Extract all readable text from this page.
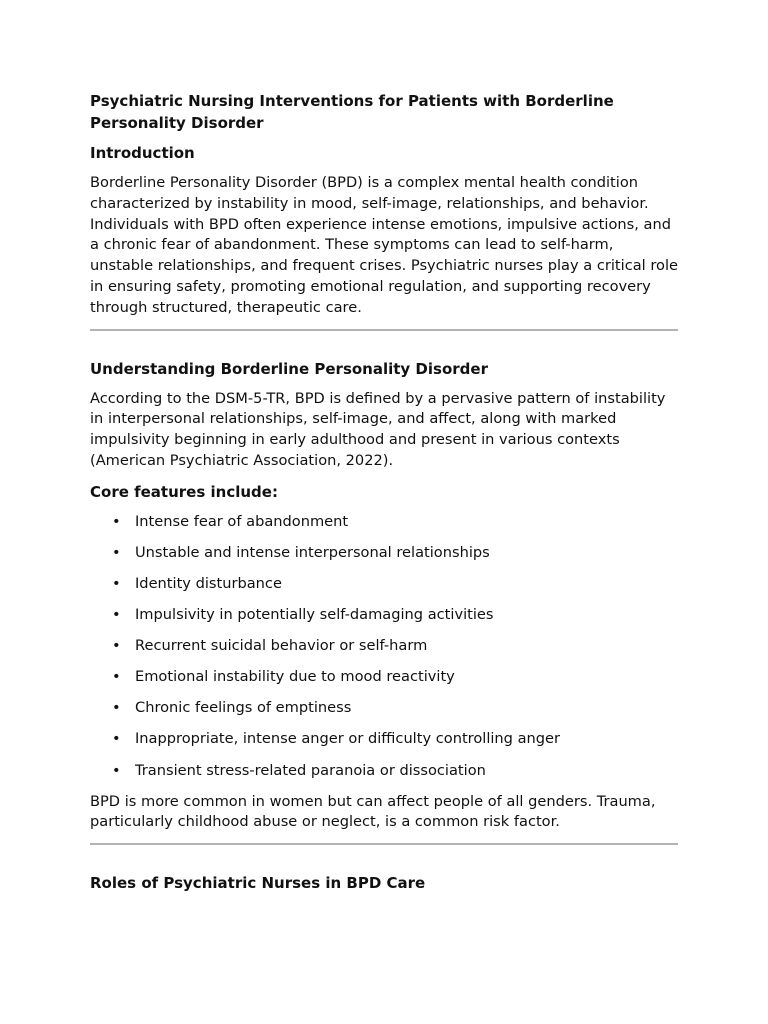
Psychiatric Nursing Interventions for Patients with Borderline Personality Disorder
Introduction

Borderline Personality Disorder (BPD) is a complex mental health condition characterized by instability in mood, self-image, relationships, and behavior. Individuals with BPD often experience intense emotions, impulsive actions, and a chronic fear of abandonment. These symptoms can lead to self-harm, unstable relationships, and frequent crises. Psychiatric nurses play a critical role in ensuring safety, promoting emotional regulation, and supporting recovery through structured, therapeutic care.

Understanding Borderline Personality Disorder

According to the DSM-5-TR, BPD is defined by a pervasive pattern of instability in interpersonal relationships, self-image, and affect, along with marked impulsivity beginning in early adulthood and present in various contexts (American Psychiatric Association, 2022).

Core features include:
• Intense fear of abandonment
• Unstable and intense interpersonal relationships
• Identity disturbance
• Impulsivity in potentially self-damaging activities
• Recurrent suicidal behavior or self-harm
• Emotional instability due to mood reactivity
• Chronic feelings of emptiness
• Inappropriate, intense anger or difficulty controlling anger
• Transient stress-related paranoia or dissociation

BPD is more common in women but can affect people of all genders. Trauma, particularly childhood abuse or neglect, is a common risk factor.

Roles of Psychiatric Nurses in BPD Care
